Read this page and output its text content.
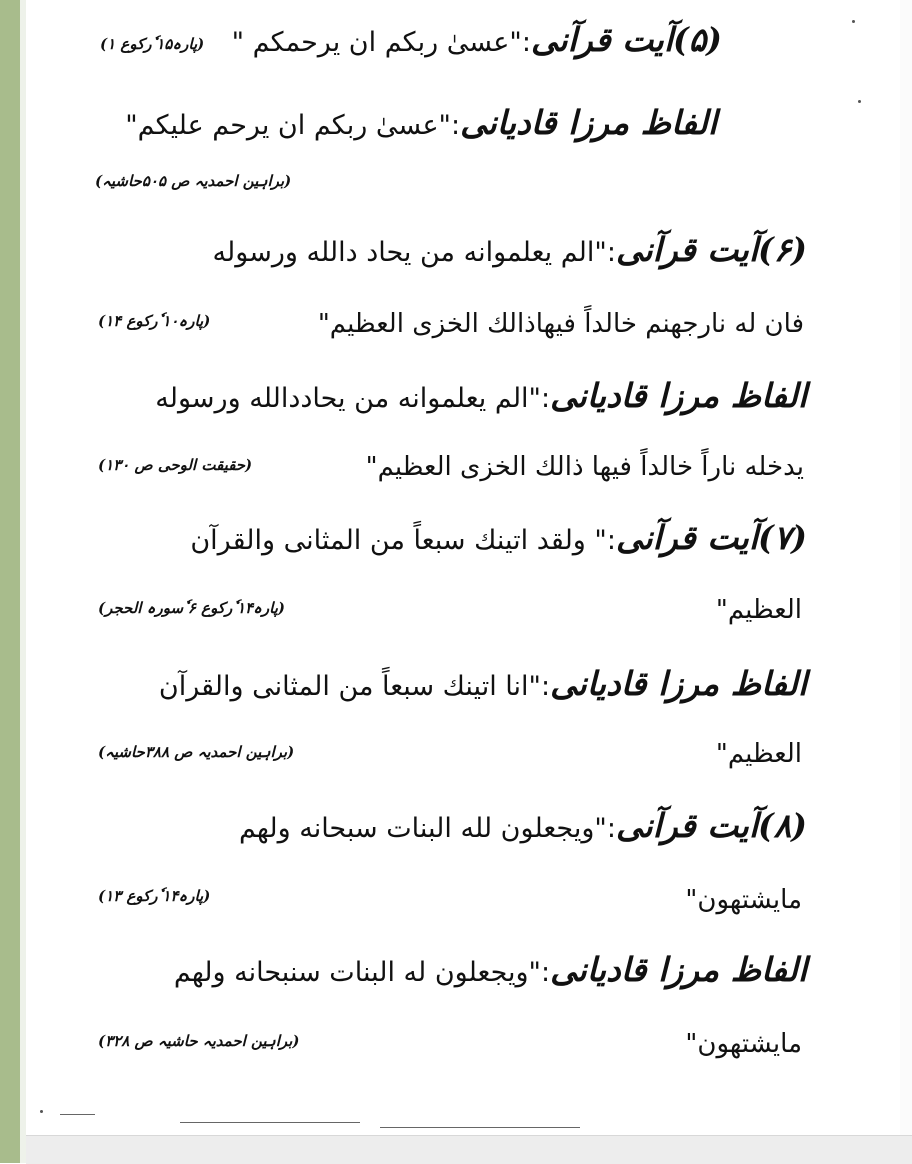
(۵)آیت قرآنی:"عسىٰ ربكم ان يرحمكم "
(پارہ۱۵ ٗرکوع ۱)
الفاظ مرزا قادیانی:"عسىٰ ربكم ان يرحم عليكم"
(براہین احمدیہ ص ۵۰۵حاشیہ)
(۶)آیت قرآنی:"الم يعلموانه من يحاد دالله ورسوله
فان له نارجهنم خالداً فيهاذالك الخزى العظيم"
(پارہ۱۰ ٗرکوع ۱۴)
الفاظ مرزا قادیانی:"الم يعلموانه من يحاددالله ورسوله
يدخله ناراً خالداً فيها ذالك الخزى العظيم"
(حقیقت الوحی ص ۱۳۰)
(۷)آیت قرآنی:" ولقد اتينك سبعاً من المثانى والقرآن
العظيم"
(پارہ۱۴ ٗرکوع ۶ ٗسورہ الحجر)
الفاظ مرزا قادیانی:"انا اتينك سبعاً من المثانى والقرآن
العظيم"
(براہین احمدیہ ص ۳۸۸حاشیہ)
(۸)آیت قرآنی:"ويجعلون لله البنات سبحانه ولهم
مايشتهون"
(پارہ۱۴ ٗرکوع ۱۳)
الفاظ مرزا قادیانی:"ويجعلون له البنات سنبحانه ولهم
مايشتهون"
(براہین احمدیہ حاشیہ ص ۳۲۸)
